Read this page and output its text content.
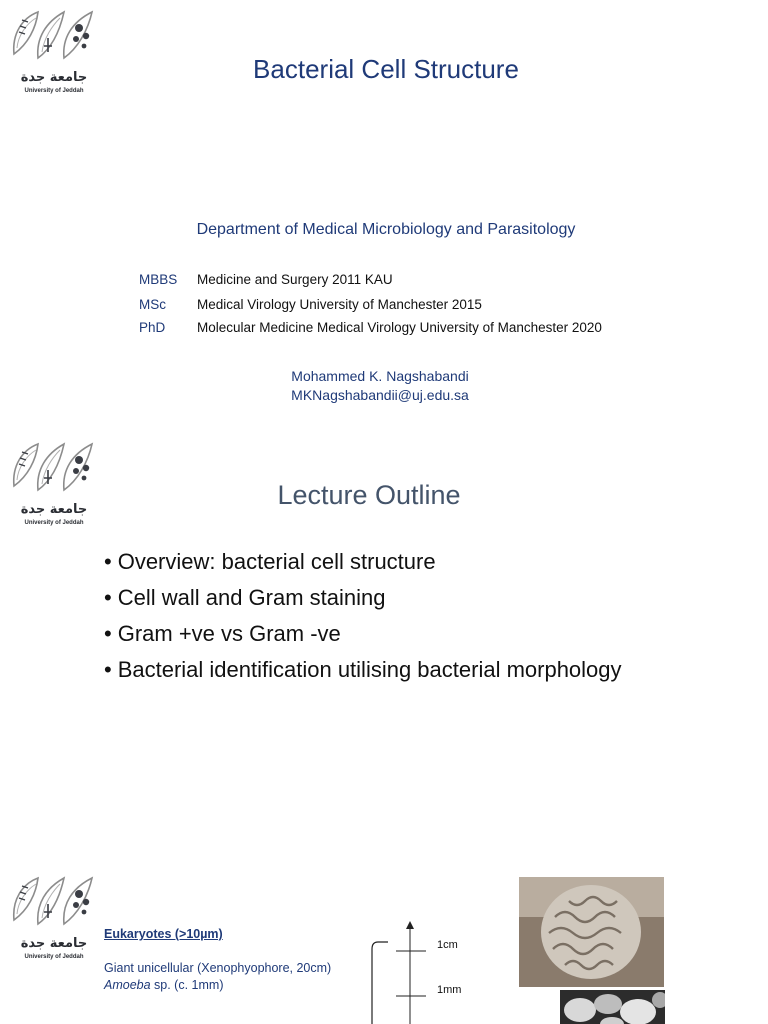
جامعة جدة
University of Jeddah
Bacterial Cell Structure
Department of Medical Microbiology and Parasitology
MBBS Medicine and Surgery 2011 KAU
MSc Medical Virology University of Manchester 2015
PhD Molecular Medicine Medical Virology University of Manchester 2020
Mohammed K. Nagshabandi
MKNagshabandii@uj.edu.sa
جامعة جدة
University of Jeddah
Lecture Outline
• Overview: bacterial cell structure
• Cell wall and Gram staining
• Gram +ve vs Gram -ve
• Bacterial identification utilising bacterial morphology
جامعة جدة
University of Jeddah
Eukaryotes (>10µm)
Giant unicellular (Xenophyophore, 20cm)
Amoeba sp. (c. 1mm)
1cm
1mm
